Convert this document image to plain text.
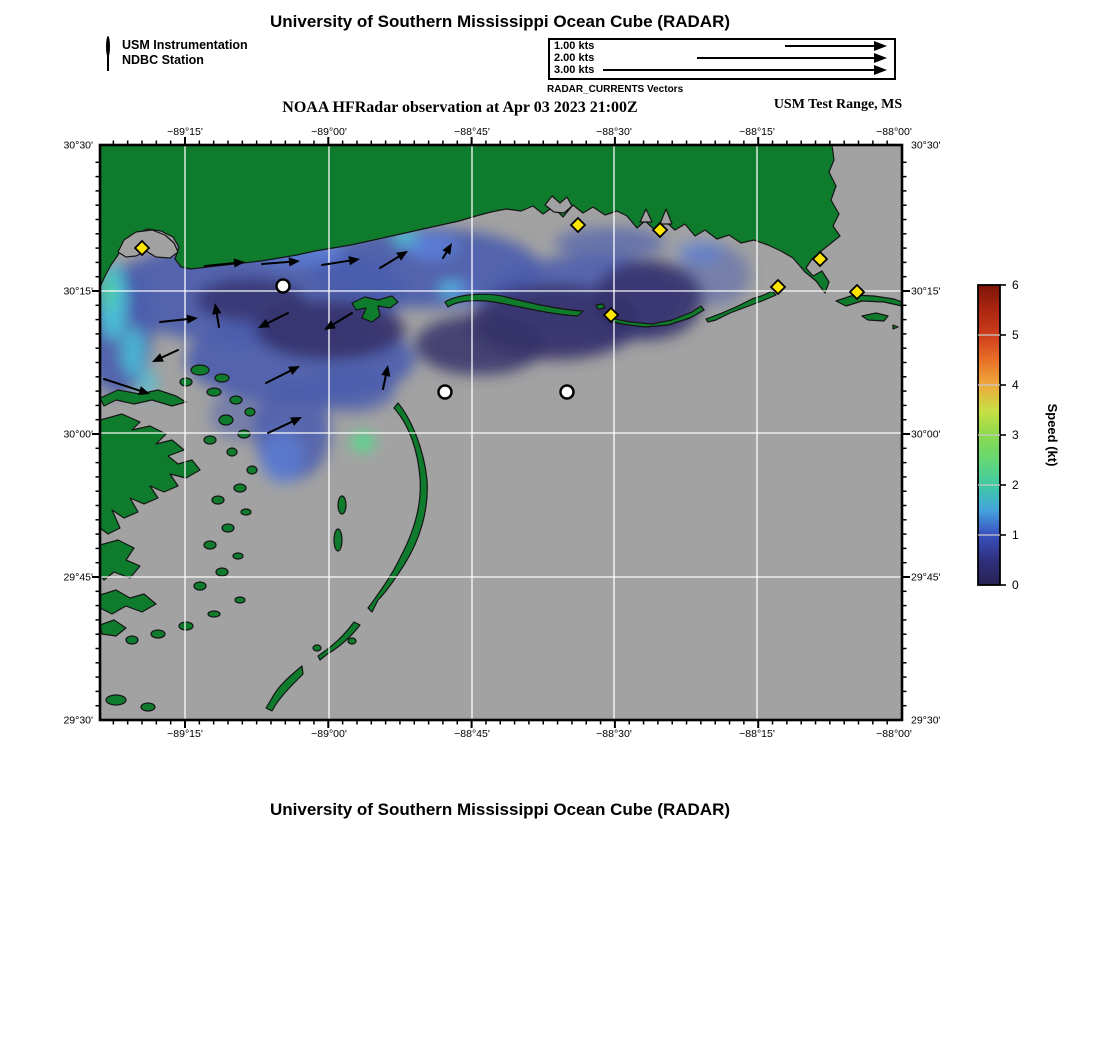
−89°15'
−89°15'
−89°00'
−89°00'
−88°45'
−88°45'
−88°30'
−88°30'
−88°15'
−88°15'
−88°00'
−88°00'
30°30'	30°30'
30°15'	30°15'
30°00'	30°00'
29°45'	29°45'
29°30'	29°30'
6
5
4
3
2
1
0
Speed (kt)
University of Southern Mississippi Ocean Cube (RADAR)
USM Instrumentation
NDBC Station
1.00 kts
2.00 kts
3.00 kts
RADAR_CURRENTS Vectors
NOAA HFRadar observation at Apr 03 2023 21:00Z	USM Test Range, MS
University of Southern Mississippi Ocean Cube (RADAR)
